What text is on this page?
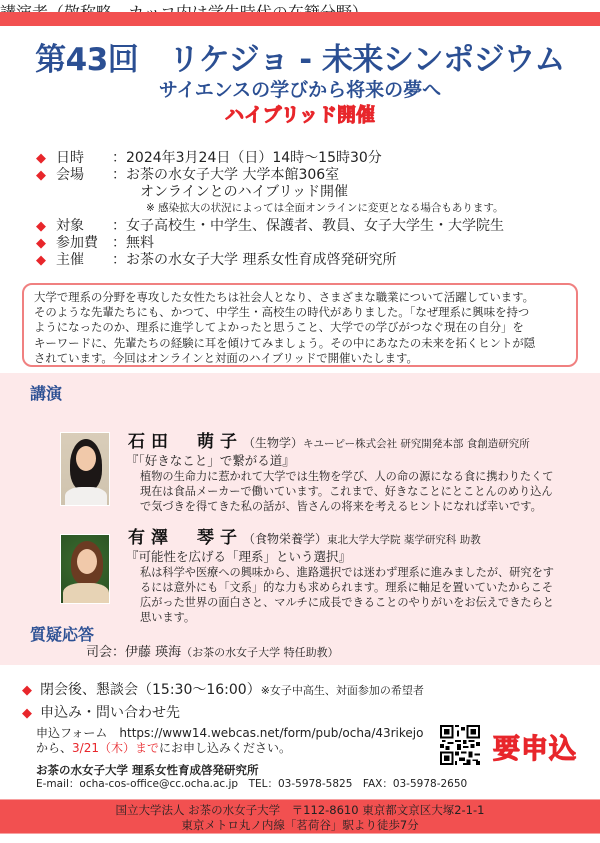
第43回　リケジョ - 未来シンポジウム
サイエンスの学びから将来の夢へ
ハイブリッド開催
◆ 日時	： 2024年3月24日（日）14時～15時30分
◆ 会場	： お茶の水女子大学 大学本館306室
オンラインとのハイブリッド開催
※ 感染拡大の状況によっては全面オンラインに変更となる場合もあります。
◆ 対象	： 女子高校生・中学生、保護者、教員、女子大学生・大学院生
◆ 参加費	： 無料
◆ 主催	： お茶の水女子大学 理系女性育成啓発研究所
大学で理系の分野を専攻した女性たちは社会人となり、さまざまな職業について活躍しています。
そのような先輩たちにも、かつて、中学生・高校生の時代がありました。「なぜ理系に興味を持つ
ようになったのか、理系に進学してよかったと思うこと、大学での学びがつなぐ現在の自分」を
キーワードに、先輩たちの経験に耳を傾けてみましょう。その中にあなたの未来を拓くヒントが隠
されています。今回はオンラインと対面のハイブリッドで開催いたします。
講演
石田　萌子（生物学）キユーピー株式会社 研究開発本部 食創造研究所
『「好きなこと」で繋がる道』
植物の生命力に惹かれて大学では生物を学び、人の命の源になる食に携わりたくて
現在は食品メーカーで働いています。これまで、好きなことにとことんのめり込ん
で気づきを得てきた私の話が、皆さんの将来を考えるヒントになれば幸いです。
有澤　琴子（食物栄養学）東北大学大学院 薬学研究科 助教
『可能性を広げる「理系」という選択』
私は科学や医療への興味から、進路選択では迷わず理系に進みましたが、研究をす
るには意外にも「文系」的な力も求められます。理系に軸足を置いていたからこそ
広がった世界の面白さと、マルチに成長できることのやりがいをお伝えできたらと
思います。
質疑応答
司会：伊藤 瑛海（お茶の水女子大学 特任助教）
◆ 閉会後、懇談会（15:30～16:00）※女子中高生、対面参加の希望者
◆ 申込み・問い合わせ先
申込フォーム　https://www14.webcas.net/form/pub/ocha/43rikejo
から、3/21（木）までにお申し込みください。
お茶の水女子大学 理系女性育成啓発研究所
E-mail：ocha-cos-office@cc.ocha.ac.jp　TEL：03-5978-5825　FAX：03-5978-2650
要申込
国立大学法人 お茶の水女子大学　〒112-8610 東京都文京区大塚2-1-1
東京メトロ丸ノ内線「茗荷谷」駅より徒歩7分
